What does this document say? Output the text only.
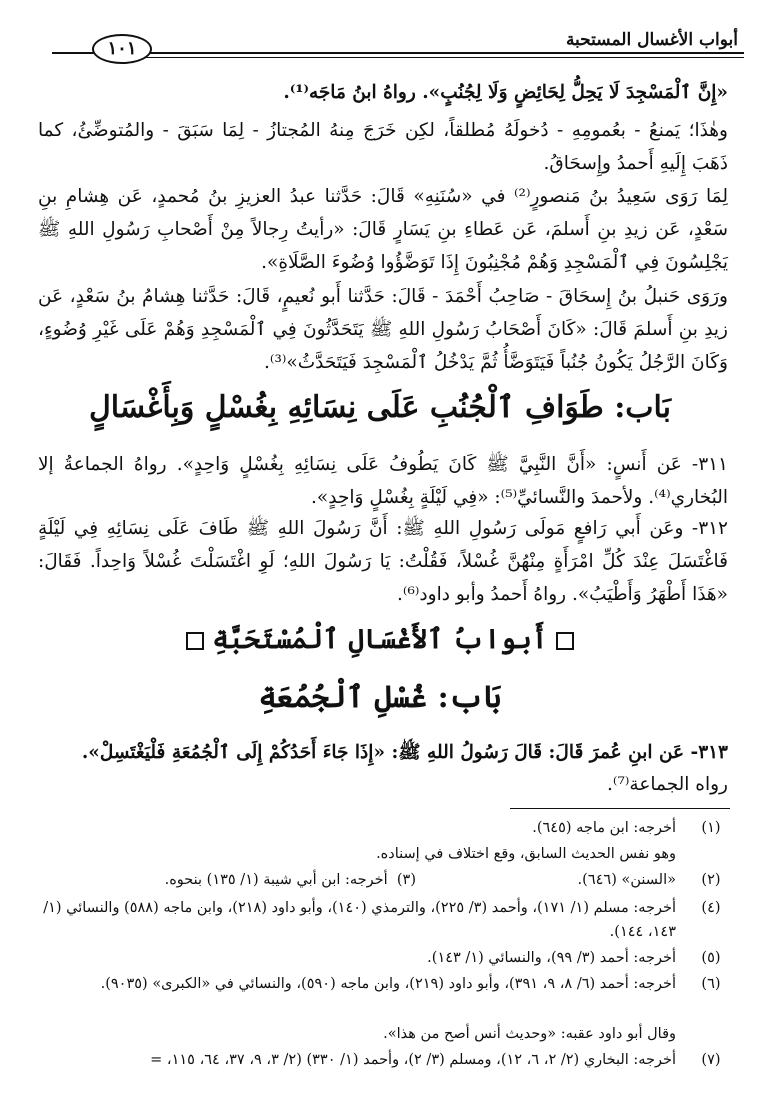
١٠١	أبواب الأغسال المستحبة
«إِنَّ ٱلْمَسْجِدَ لَا يَحِلُّ لِحَائِضٍ وَلَا لِجُنُبٍ». رواهُ ابنُ مَاجَه⁽¹⁾.
وهٰذَا؛ يَمنعُ - بعُمومِهِ - دُخولَهُ مُطلقاً، لكِن خَرَجَ مِنهُ المُجتازُ - لِمَا سَبَقَ - والمُتوضِّئُ، كما ذَهَبَ إِلَيهِ أَحمدُ وإِسحَاقُ.
لِمَا رَوَى سَعِيدُ بنُ مَنصورٍ⁽²⁾ في «سُنَنِهِ» قَالَ: حَدَّثنا عبدُ العزيزِ بنُ مُحمدٍ، عَن هِشامِ بنِ سَعْدٍ، عَن زيدِ بنِ أَسلمَ، عَن عَطاءِ بنِ يَسَارٍ قَالَ: «رأيتُ رِجالاً مِنْ أَصْحابِ رَسُولِ اللهِ ﷺ يَجْلِسُونَ فِي ٱلْمَسْجِدِ وَهُمْ مُجْنِبُونَ إِذَا تَوَضَّؤُوا وُضُوءَ الصَّلَاةِ».
ورَوَى حَنبلُ بنُ إِسحَاقَ - صَاحِبُ أَحْمَدَ - قَالَ: حَدَّثنا أَبو نُعيمٍ، قَالَ: حَدَّثنا هِشامُ بنُ سَعْدٍ، عَن زيدِ بنِ أَسلمَ قَالَ: «كَانَ أَصْحَابُ رَسُولِ اللهِ ﷺ يَتَحَدَّثُونَ فِي ٱلْمَسْجِدِ وَهُمْ عَلَى غَيْرِ وُضُوءٍ، وَكَانَ الرَّجُلُ يَكُونُ جُنُباً فَيَتَوَضَّأُ ثُمَّ يَدْخُلُ ٱلْمَسْجِدَ فَيَتَحَدَّثُ»⁽³⁾.
بَاب: طَوَافِ ٱلْجُنُبِ عَلَى نِسَائِهِ بِغُسْلٍ وَبِأَغْسَالٍ
٣١١- عَن أَنسٍ: «أَنَّ النَّبِيَّ ﷺ كَانَ يَطُوفُ عَلَى نِسَائِهِ بِغُسْلٍ وَاحِدٍ». رواهُ الجماعةُ إلا البُخاري⁽⁴⁾. ولأحمدَ والنَّسائيِّ⁽⁵⁾: «فِي لَيْلَةٍ بِغُسْلٍ وَاحِدٍ».
٣١٢- وعَن أَبي رَافعٍ مَولَى رَسُولِ اللهِ ﷺ: أَنَّ رَسُولَ اللهِ ﷺ طَافَ عَلَى نِسَائِهِ فِي لَيْلَةٍ فَاغْتَسَلَ عِنْدَ كُلِّ امْرَأَةٍ مِنْهُنَّ غُسْلاً، فَقُلْتُ: يَا رَسُولَ اللهِ؛ لَوِ اغْتَسَلْتَ غُسْلاً وَاحِداً. فَقَالَ: «هَذَا أَطْهَرُ وَأَطْيَبُ». رواهُ أَحمدُ وأبو داود⁽⁶⁾.
أَبوابُ ٱلأَغْسَالِ ٱلْمُسْتَحَبَّةِ
بَاب: غُسْلِ ٱلْجُمُعَةِ
٣١٣- عَن ابنِ عُمرَ قَالَ: قَالَ رَسُولُ اللهِ ﷺ: «إِذَا جَاءَ أَحَدُكُمْ إِلَى ٱلْجُمُعَةِ فَلْيَغْتَسِلْ».
رواه الجماعة⁽⁷⁾.
(١)
أخرجه: ابن ماجه (٦٤٥).
وهو نفس الحديث السابق، وقع اختلاف في إسناده.
(٢)
«السنن» (٦٤٦).
(٣)

أخرجه: ابن أبي شيبة (١/ ١٣٥) بنحوه.
(٤)
أخرجه: مسلم (١/ ١٧١)، وأحمد (٣/ ٢٢٥)، والترمذي (١٤٠)، وأبو داود (٢١٨)، وابن ماجه (٥٨٨) والنسائي (١/ ١٤٣، ١٤٤).
(٥)
أخرجه: أحمد (٣/ ٩٩)، والنسائي (١/ ١٤٣).
(٦)
أخرجه: أحمد (٦/ ٨، ٩، ٣٩١)، وأبو داود (٢١٩)، وابن ماجه (٥٩٠)، والنسائي في «الكبرى» (٩٠٣٥).
وقال أبو داود عقبه: «وحديث أنس أصح من هذا».
(٧)
أخرجه: البخاري (٢/ ٢، ٦، ١٢)، ومسلم (٣/ ٢)، وأحمد (١/ ٣٣٠) (٢/ ٣، ٩، ٣٧، ٦٤، ١١٥، =
